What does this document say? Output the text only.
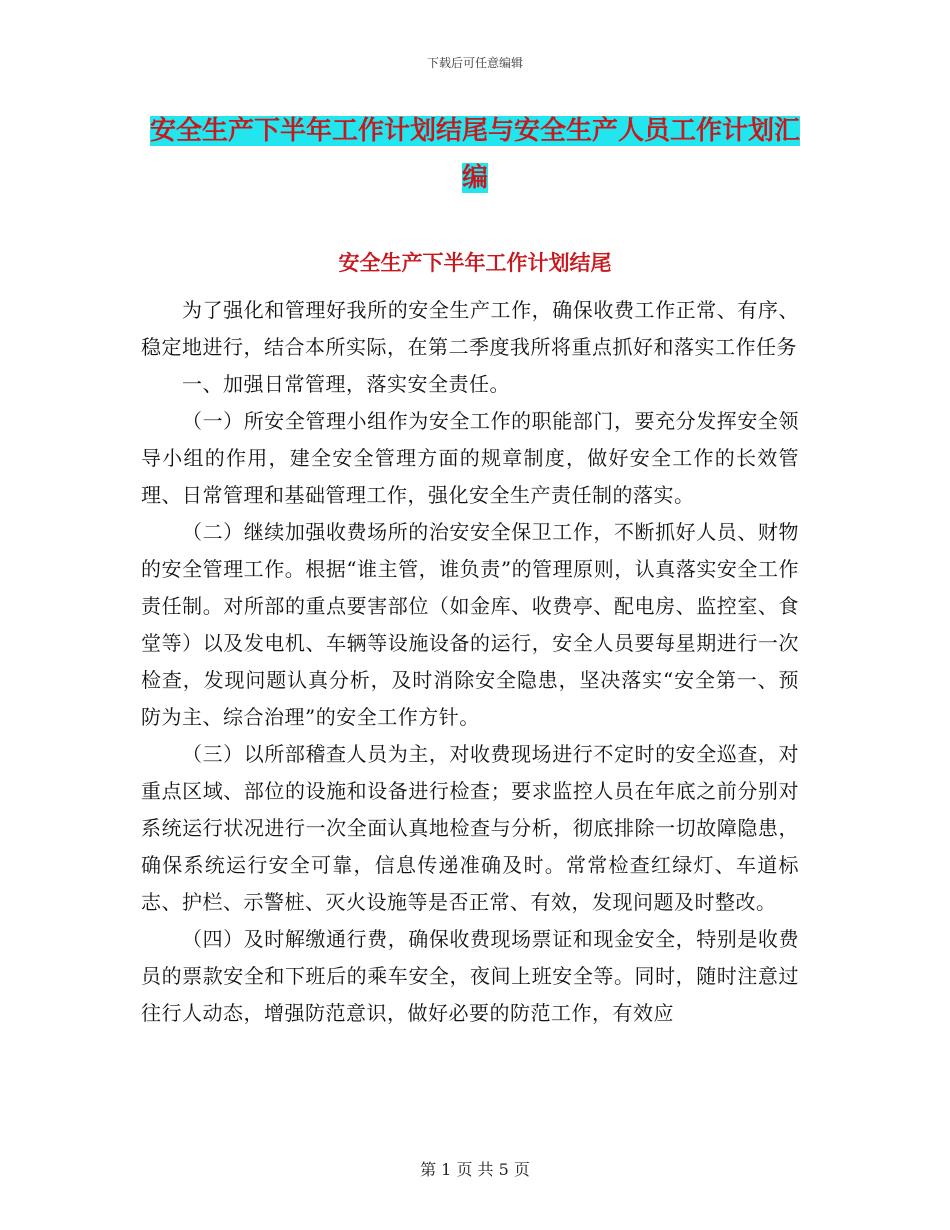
下载后可任意编辑
安全生产下半年工作计划结尾与安全生产人员工作计划汇编
安全生产下半年工作计划结尾

为了强化和管理好我所的安全生产工作，确保收费工作正常、有序、稳定地进行，结合本所实际，在第二季度我所将重点抓好和落实工作任务

一、加强日常管理，落实安全责任。

（一）所安全管理小组作为安全工作的职能部门，要充分发挥安全领导小组的作用，建全安全管理方面的规章制度，做好安全工作的长效管理、日常管理和基础管理工作，强化安全生产责任制的落实。

（二）继续加强收费场所的治安安全保卫工作，不断抓好人员、财物的安全管理工作。根据“谁主管，谁负责”的管理原则，认真落实安全工作责任制。对所部的重点要害部位（如金库、收费亭、配电房、监控室、食堂等）以及发电机、车辆等设施设备的运行，安全人员要每星期进行一次检查，发现问题认真分析，及时消除安全隐患，坚决落实“安全第一、预防为主、综合治理”的安全工作方针。

（三）以所部稽查人员为主，对收费现场进行不定时的安全巡查，对重点区域、部位的设施和设备进行检查；要求监控人员在年底之前分别对系统运行状况进行一次全面认真地检查与分析，彻底排除一切故障隐患，确保系统运行安全可靠，信息传递准确及时。常常检查红绿灯、车道标志、护栏、示警桩、灭火设施等是否正常、有效，发现问题及时整改。

（四）及时解缴通行费，确保收费现场票证和现金安全，特别是收费员的票款安全和下班后的乘车安全，夜间上班安全等。同时，随时注意过往行人动态，增强防范意识，做好必要的防范工作，有效应

第 1 页 共 5 页
